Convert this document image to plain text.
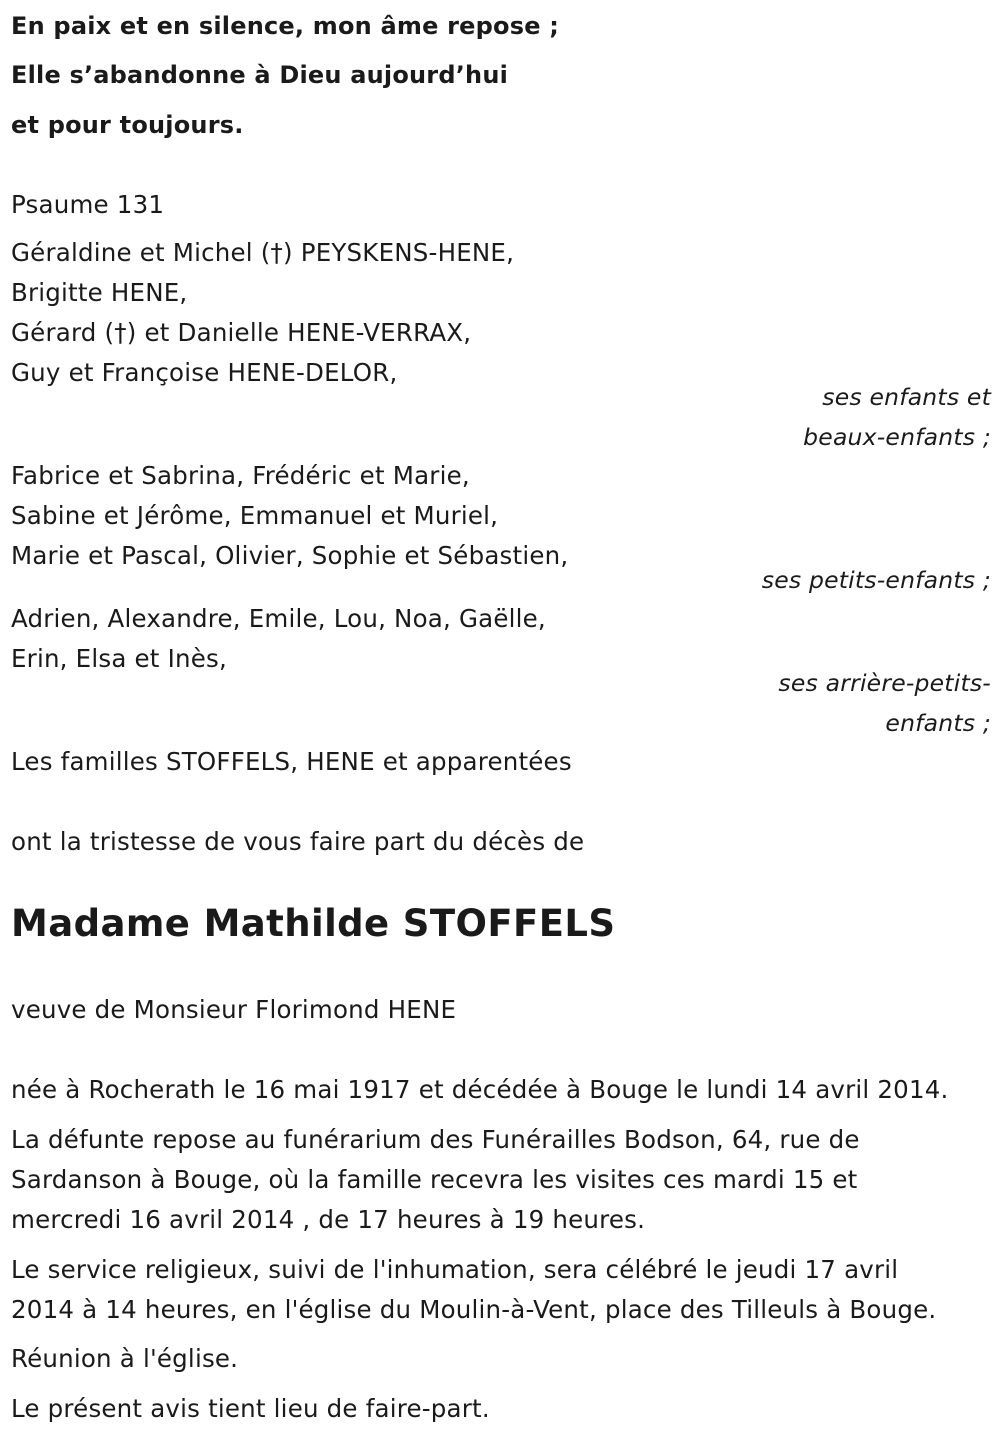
En paix et en silence, mon âme repose ;
Elle s’abandonne à Dieu aujourd’hui
et pour toujours.
Psaume 131
Géraldine et Michel (†) PEYSKENS-HENE,
Brigitte HENE,
Gérard (†) et Danielle HENE-VERRAX,
Guy et Françoise HENE-DELOR,
ses enfants et
beaux-enfants ;
Fabrice et Sabrina, Frédéric et Marie,
Sabine et Jérôme, Emmanuel et Muriel,
Marie et Pascal, Olivier, Sophie et Sébastien,
ses petits-enfants ;
Adrien, Alexandre, Emile, Lou, Noa, Gaëlle,
Erin, Elsa et Inès,
ses arrière-petits-
enfants ;
Les familles STOFFELS, HENE et apparentées
ont la tristesse de vous faire part du décès de
Madame Mathilde STOFFELS
veuve de Monsieur Florimond HENE
née à Rocherath le 16 mai 1917 et décédée à Bouge le lundi 14 avril 2014.
La défunte repose au funérarium des Funérailles Bodson, 64, rue de
Sardanson à Bouge, où la famille recevra les visites ces mardi 15 et
mercredi 16 avril 2014 , de 17 heures à 19 heures.
Le service religieux, suivi de l'inhumation, sera célébré le jeudi 17 avril
2014 à 14 heures, en l'église du Moulin-à-Vent, place des Tilleuls à Bouge.
Réunion à l'église.
Le présent avis tient lieu de faire-part.
